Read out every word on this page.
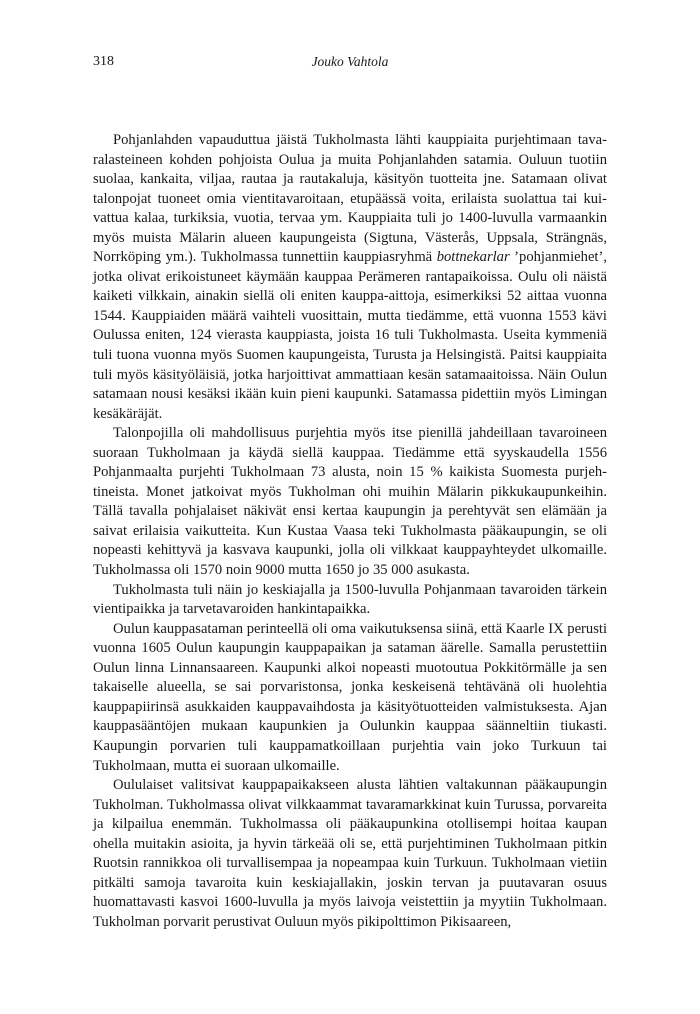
318	Jouko Vahtola

Pohjanlahden vapauduttua jäistä Tukholmasta lähti kauppiaita purjehtimaan tavaralasteineen kohden pohjoista Oulua ja muita Pohjanlahden satamia. Ouluun tuotiin suolaa, kankaita, viljaa, rautaa ja rautakaluja, käsityön tuotteita jne. Satamaan olivat talonpojat tuoneet omia vientitavaroitaan, etupäässä voita, erilaista suolattua tai kuivattua kalaa, turkiksia, vuotia, tervaa ym. Kauppiaita tuli jo 1400-luvulla varmaankin myös muista Mälarin alueen kaupungeista (Sigtuna, Västerås, Uppsala, Strängnäs, Norrköping ym.). Tukholmassa tunnettiin kauppiasryhmä bottnekarlar ’pohjanmiehet’, jotka olivat erikoistuneet käymään kauppaa Perämeren rantapaikoissa. Oulu oli näistä kaiketi vilkkain, ainakin siellä oli eniten kauppa-aittoja, esimerkiksi 52 aittaa vuonna 1544. Kauppiaiden määrä vaihteli vuosittain, mutta tiedämme, että vuonna 1553 kävi Oulussa eniten, 124 vierasta kauppiasta, joista 16 tuli Tukholmasta. Useita kymmeniä tuli tuona vuonna myös Suomen kaupungeista, Turusta ja Helsingistä. Paitsi kauppiaita tuli myös käsityöläisiä, jotka harjoittivat ammattiaan kesän satamaaitoissa. Näin Oulun satamaan nousi kesäksi ikään kuin pieni kaupunki. Satamassa pidettiin myös Limingan kesäkäräjät.

Talonpojilla oli mahdollisuus purjehtia myös itse pienillä jahdeillaan tavaroineen suoraan Tukholmaan ja käydä siellä kauppaa. Tiedämme että syyskaudella 1556 Pohjanmaalta purjehti Tukholmaan 73 alusta, noin 15 % kaikista Suomesta purjehtineista. Monet jatkoivat myös Tukholman ohi muihin Mälarin pikkukaupunkeihin. Tällä tavalla pohjalaiset näkivät ensi kertaa kaupungin ja perehtyvät sen elämään ja saivat erilaisia vaikutteita. Kun Kustaa Vaasa teki Tukholmasta pääkaupungin, se oli nopeasti kehittyvä ja kasvava kaupunki, jolla oli vilkkaat kauppayhteydet ulkomaille. Tukholmassa oli 1570 noin 9000 mutta 1650 jo 35 000 asukasta.

Tukholmasta tuli näin jo keskiajalla ja 1500-luvulla Pohjanmaan tavaroiden tärkein vientipaikka ja tarvetavaroiden hankintapaikka.

Oulun kauppasataman perinteellä oli oma vaikutuksensa siinä, että Kaarle IX perusti vuonna 1605 Oulun kaupungin kauppapaikan ja sataman äärelle. Samalla perustettiin Oulun linna Linnansaareen. Kaupunki alkoi nopeasti muotoutua Pokkitörmälle ja sen takaiselle alueella, se sai porvaristonsa, jonka keskeisenä tehtävänä oli huolehtia kauppapiirinsä asukkaiden kauppavaihdosta ja käsityötuotteiden valmistuksesta. Ajan kauppasääntöjen mukaan kaupunkien ja Oulunkin kauppaa säänneltiin tiukasti. Kaupungin porvarien tuli kauppamatkoillaan purjehtia vain joko Turkuun tai Tukholmaan, mutta ei suoraan ulkomaille.

Oululaiset valitsivat kauppapaikakseen alusta lähtien valtakunnan pääkaupungin Tukholman. Tukholmassa olivat vilkkaammat tavaramarkkinat kuin Turussa, porvareita ja kilpailua enemmän. Tukholmassa oli pääkaupunkina otollisempi hoitaa kaupan ohella muitakin asioita, ja hyvin tärkeää oli se, että purjehtiminen Tukholmaan pitkin Ruotsin rannikkoa oli turvallisempaa ja nopeampaa kuin Turkuun. Tukholmaan vietiin pitkälti samoja tavaroita kuin keskiajallakin, joskin tervan ja puutavaran osuus huomattavasti kasvoi 1600-luvulla ja myös laivoja veistettiin ja myytiin Tukholmaan. Tukholman porvarit perustivat Ouluun myös pikipolttimon Pikisaareen,
